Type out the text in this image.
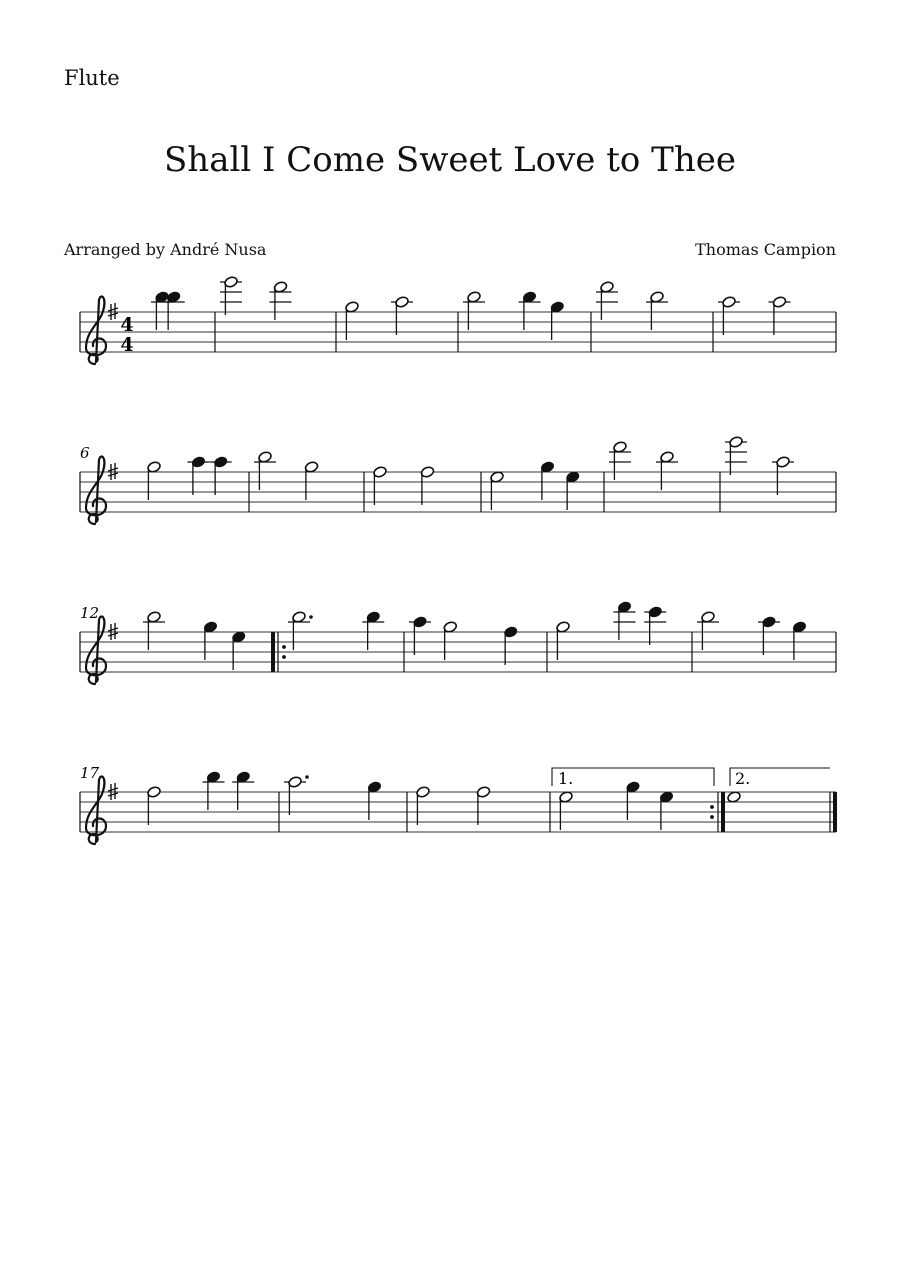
Flute
Shall I Come Sweet Love to Thee
Arranged by André Nusa	Thomas Campion
4
4
6
12
17	1.	2.
